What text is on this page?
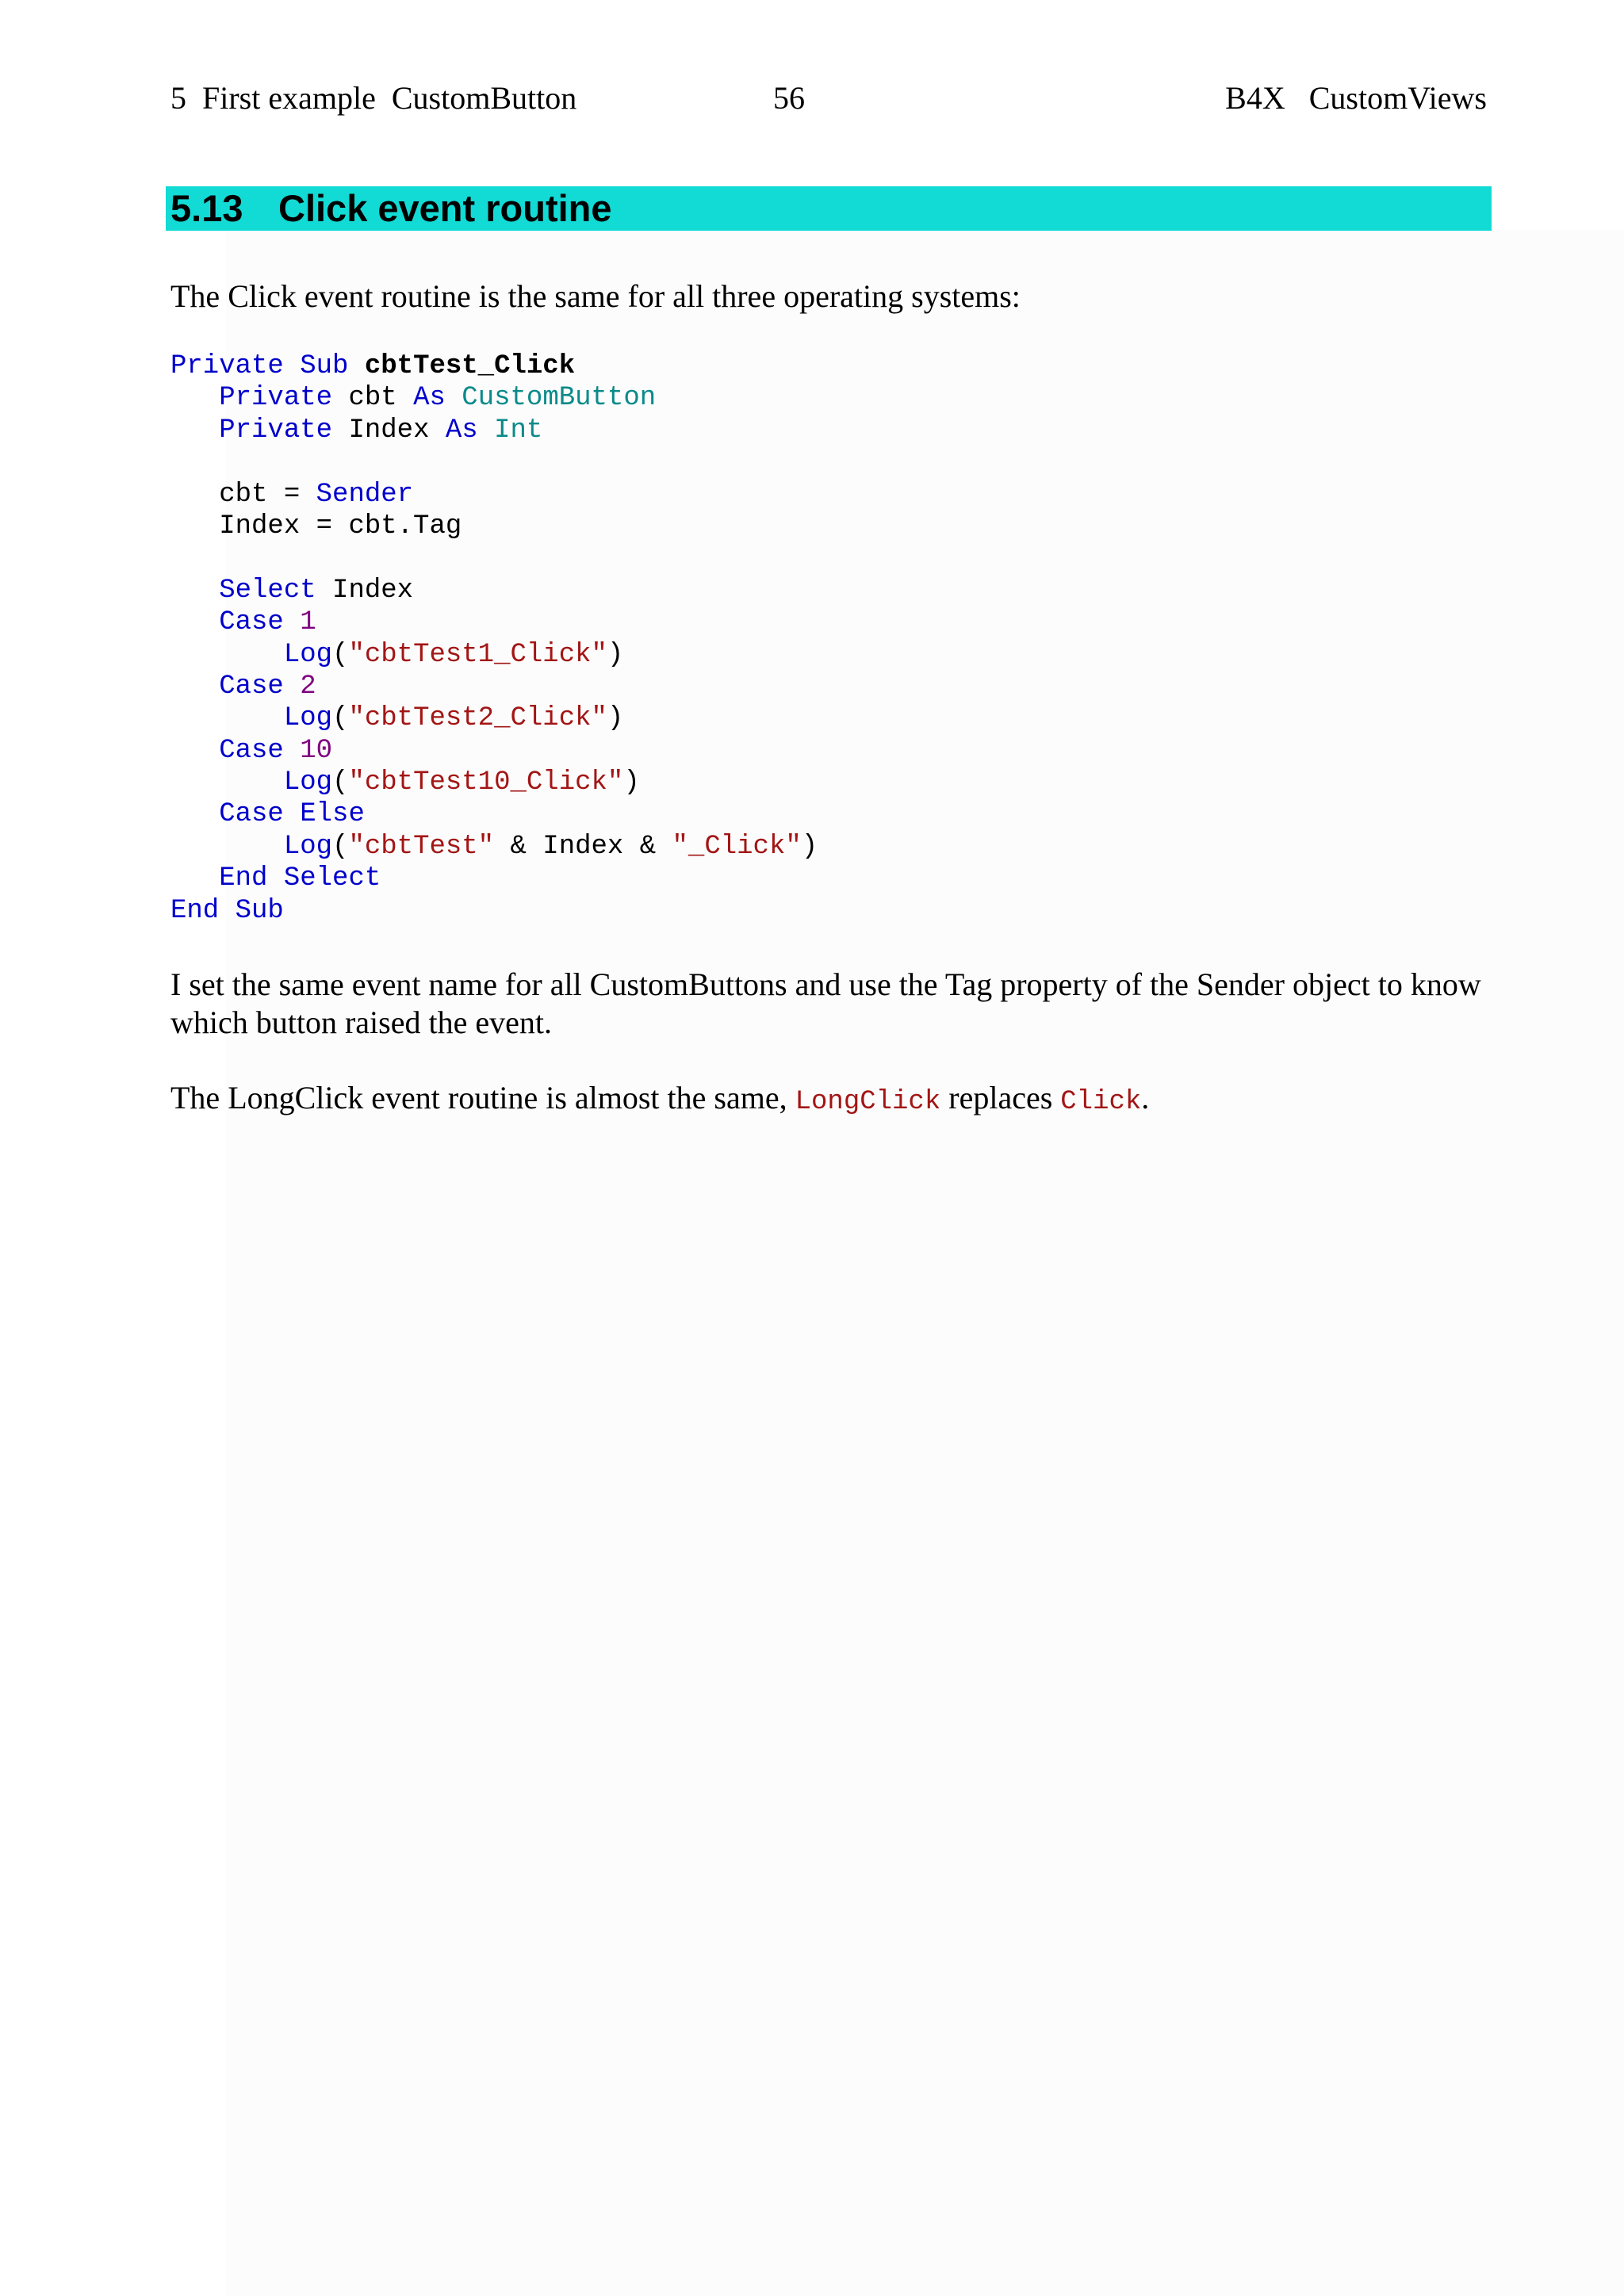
5  First example  CustomButton	56	B4X   CustomViews
5.13 Click event routine
The Click event routine is the same for all three operating systems:
Private Sub cbtTest_Click
Private cbt As CustomButton
Private Index As Int
cbt = Sender
Index = cbt.Tag
Select Index
Case 1
Log("cbtTest1_Click")
Case 2
Log("cbtTest2_Click")
Case 10
Log("cbtTest10_Click")
Case Else
Log("cbtTest" & Index & "_Click")
End Select
End Sub
I set the same event name for all CustomButtons and use the Tag property of the Sender object to know which button raised the event.
The LongClick event routine is almost the same, LongClick replaces Click.
